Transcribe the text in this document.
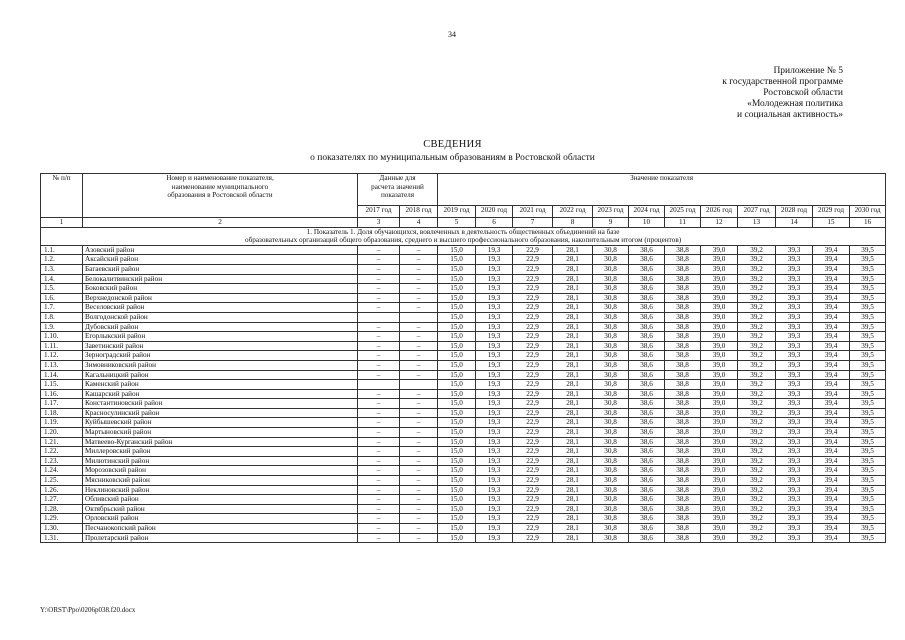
34
Приложение № 5
к государственной программе
Ростовской области
«Молодежная политика
и социальная активность»
СВЕДЕНИЯ
о показателях по муниципальным образованиям в Ростовской области
№ п/п	Номер и наименование показателя, наименование муниципального образования в Ростовской области	Данные для расчета значений показателя		Значение показателя											
		2017 год	2018 год	2019 год	2020 год	2021 год	2022 год	2023 год	2024 год	2025 год	2026 год	2027 год	2028 год	2029 год	2030 год
1	2	3	4	5	6	7	8	9	10	11	12	13	14	15	16

1. Показатель 1. Доля обучающихся, вовлеченных в деятельность общественных объединений на базе
образовательных организаций общего образования, среднего и высшего профессионального образования, накопительным итогом (процентов)															

1.1.	Азовский район	–	–	15,0	19,3	22,9	28,1	30,8	38,6	38,8	39,0	39,2	39,3	39,4	39,5
1.2.	Аксайский район	–	–	15,0	19,3	22,9	28,1	30,8	38,6	38,8	39,0	39,2	39,3	39,4	39,5
1.3.	Багаевский район	–	–	15,0	19,3	22,9	28,1	30,8	38,6	38,8	39,0	39,2	39,3	39,4	39,5
1.4.	Белокалитвинский район	–	–	15,0	19,3	22,9	28,1	30,8	38,6	38,8	39,0	39,2	39,3	39,4	39,5
1.5.	Боковский район	–	–	15,0	19,3	22,9	28,1	30,8	38,6	38,8	39,0	39,2	39,3	39,4	39,5
1.6.	Верхнедонской район	–	–	15,0	19,3	22,9	28,1	30,8	38,6	38,8	39,0	39,2	39,3	39,4	39,5
1.7.	Веселовский район	–	–	15,0	19,3	22,9	28,1	30,8	38,6	38,8	39,0	39,2	39,3	39,4	39,5
1.8.	Волгодонской район			15,0	19,3	22,9	28,1	30,8	38,6	38,8	39,0	39,2	39,3	39,4	39,5
1.9.	Дубовский район	–	–	15,0	19,3	22,9	28,1	30,8	38,6	38,8	39,0	39,2	39,3	39,4	39,5
1.10.	Егорлыкский район	–	–	15,0	19,3	22,9	28,1	30,8	38,6	38,8	39,0	39,2	39,3	39,4	39,5
1.11.	Заветинский район	–	–	15,0	19,3	22,9	28,1	30,8	38,6	38,8	39,0	39,2	39,3	39,4	39,5
1.12.	Зерноградский район	–	–	15,0	19,3	22,9	28,1	30,8	38,6	38,8	39,0	39,2	39,3	39,4	39,5
1.13.	Зимовниковский район	–	–	15,0	19,3	22,9	28,1	30,8	38,6	38,8	39,0	39,2	39,3	39,4	39,5
1.14.	Кагальницкий район	–	–	15,0	19,3	22,9	28,1	30,8	38,6	38,8	39,0	39,2	39,3	39,4	39,5
1.15.	Каменский район			15,0	19,3	22,9	28,1	30,8	38,6	38,8	39,0	39,2	39,3	39,4	39,5
1.16.	Кашарский район	–	–	15,0	19,3	22,9	28,1	30,8	38,6	38,8	39,0	39,2	39,3	39,4	39,5
1.17.	Константиновский район	–	–	15,0	19,3	22,9	28,1	30,8	38,6	38,8	39,0	39,2	39,3	39,4	39,5
1.18.	Красносулинский район	–	–	15,0	19,3	22,9	28,1	30,8	38,6	38,8	39,0	39,2	39,3	39,4	39,5
1.19.	Куйбышевский район	–	–	15,0	19,3	22,9	28,1	30,8	38,6	38,8	39,0	39,2	39,3	39,4	39,5
1.20.	Мартыновский район	–	–	15,0	19,3	22,9	28,1	30,8	38,6	38,8	39,0	39,2	39,3	39,4	39,5
1.21.	Матвеево-Курганский район	–	–	15,0	19,3	22,9	28,1	30,8	38,6	38,8	39,0	39,2	39,3	39,4	39,5
1.22.	Миллеровский район	–	–	15,0	19,3	22,9	28,1	30,8	38,6	38,8	39,0	39,2	39,3	39,4	39,5
1.23.	Милютинский район	–	–	15,0	19,3	22,9	28,1	30,8	38,6	38,8	39,0	39,2	39,3	39,4	39,5
1.24.	Морозовский район	–	–	15,0	19,3	22,9	28,1	30,8	38,6	38,8	39,0	39,2	39,3	39,4	39,5
1.25.	Мясниковский район	–	–	15,0	19,3	22,9	28,1	30,8	38,6	38,8	39,0	39,2	39,3	39,4	39,5
1.26.	Неклиновский район	–	–	15,0	19,3	22,9	28,1	30,8	38,6	38,8	39,0	39,2	39,3	39,4	39,5
1.27.	Обливский район	–	–	15,0	19,3	22,9	28,1	30,8	38,6	38,8	39,0	39,2	39,3	39,4	39,5
1.28.	Октябрьский район	–	–	15,0	19,3	22,9	28,1	30,8	38,6	38,8	39,0	39,2	39,3	39,4	39,5
1.29.	Орловский район	–	–	15,0	19,3	22,9	28,1	30,8	38,6	38,8	39,0	39,2	39,3	39,4	39,5
1.30.	Песчанокопский район	–	–	15,0	19,3	22,9	28,1	30,8	38,6	38,8	39,0	39,2	39,3	39,4	39,5
1.31.	Пролетарский район	–	–	15,0	19,3	22,9	28,1	30,8	38,6	38,8	39,0	39,2	39,3	39,4	39,5
Y:\ORST\Ppo\0206p038.f20.docx
